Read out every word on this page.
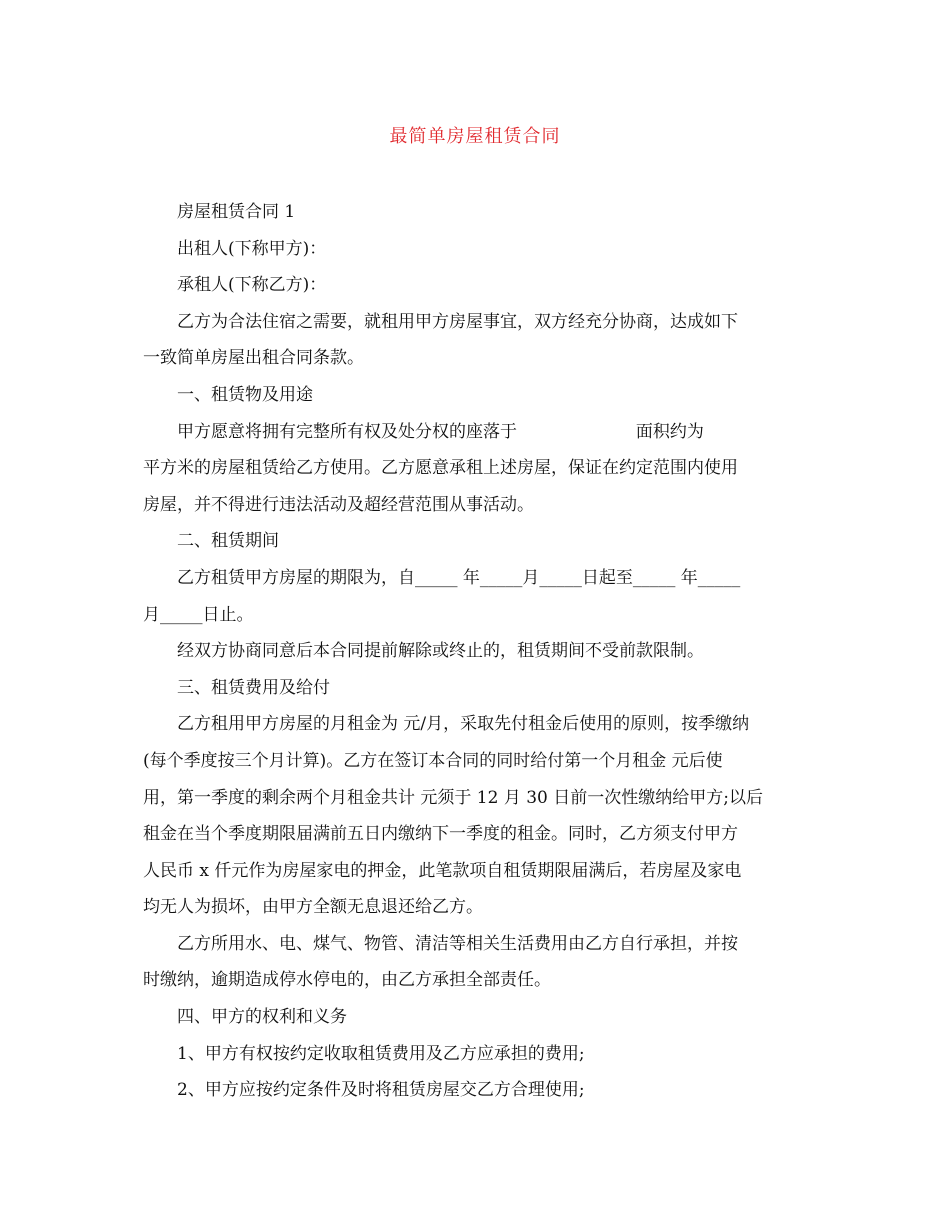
最简单房屋租赁合同
房屋租赁合同 1
出租人(下称甲方)：
承租人(下称乙方)：
乙方为合法住宿之需要，就租用甲方房屋事宜，双方经充分协商，达成如下
一致简单房屋出租合同条款。
一、租赁物及用途
甲方愿意将拥有完整所有权及处分权的座落于                      面积约为
平方米的房屋租赁给乙方使用。乙方愿意承租上述房屋，保证在约定范围内使用
房屋，并不得进行违法活动及超经营范围从事活动。
二、租赁期间
乙方租赁甲方房屋的期限为，自_____ 年_____月_____日起至_____ 年_____
月_____日止。
经双方协商同意后本合同提前解除或终止的，租赁期间不受前款限制。
三、租赁费用及给付
乙方租用甲方房屋的月租金为 元/月，采取先付租金后使用的原则，按季缴纳
(每个季度按三个月计算)。乙方在签订本合同的同时给付第一个月租金 元后使
用，第一季度的剩余两个月租金共计 元须于 12 月 30 日前一次性缴纳给甲方;以后
租金在当个季度期限届满前五日内缴纳下一季度的租金。同时，乙方须支付甲方
人民币 x 仟元作为房屋家电的押金，此笔款项自租赁期限届满后，若房屋及家电
均无人为损坏，由甲方全额无息退还给乙方。
乙方所用水、电、煤气、物管、清洁等相关生活费用由乙方自行承担，并按
时缴纳，逾期造成停水停电的，由乙方承担全部责任。
四、甲方的权利和义务
1、甲方有权按约定收取租赁费用及乙方应承担的费用;
2、甲方应按约定条件及时将租赁房屋交乙方合理使用;
